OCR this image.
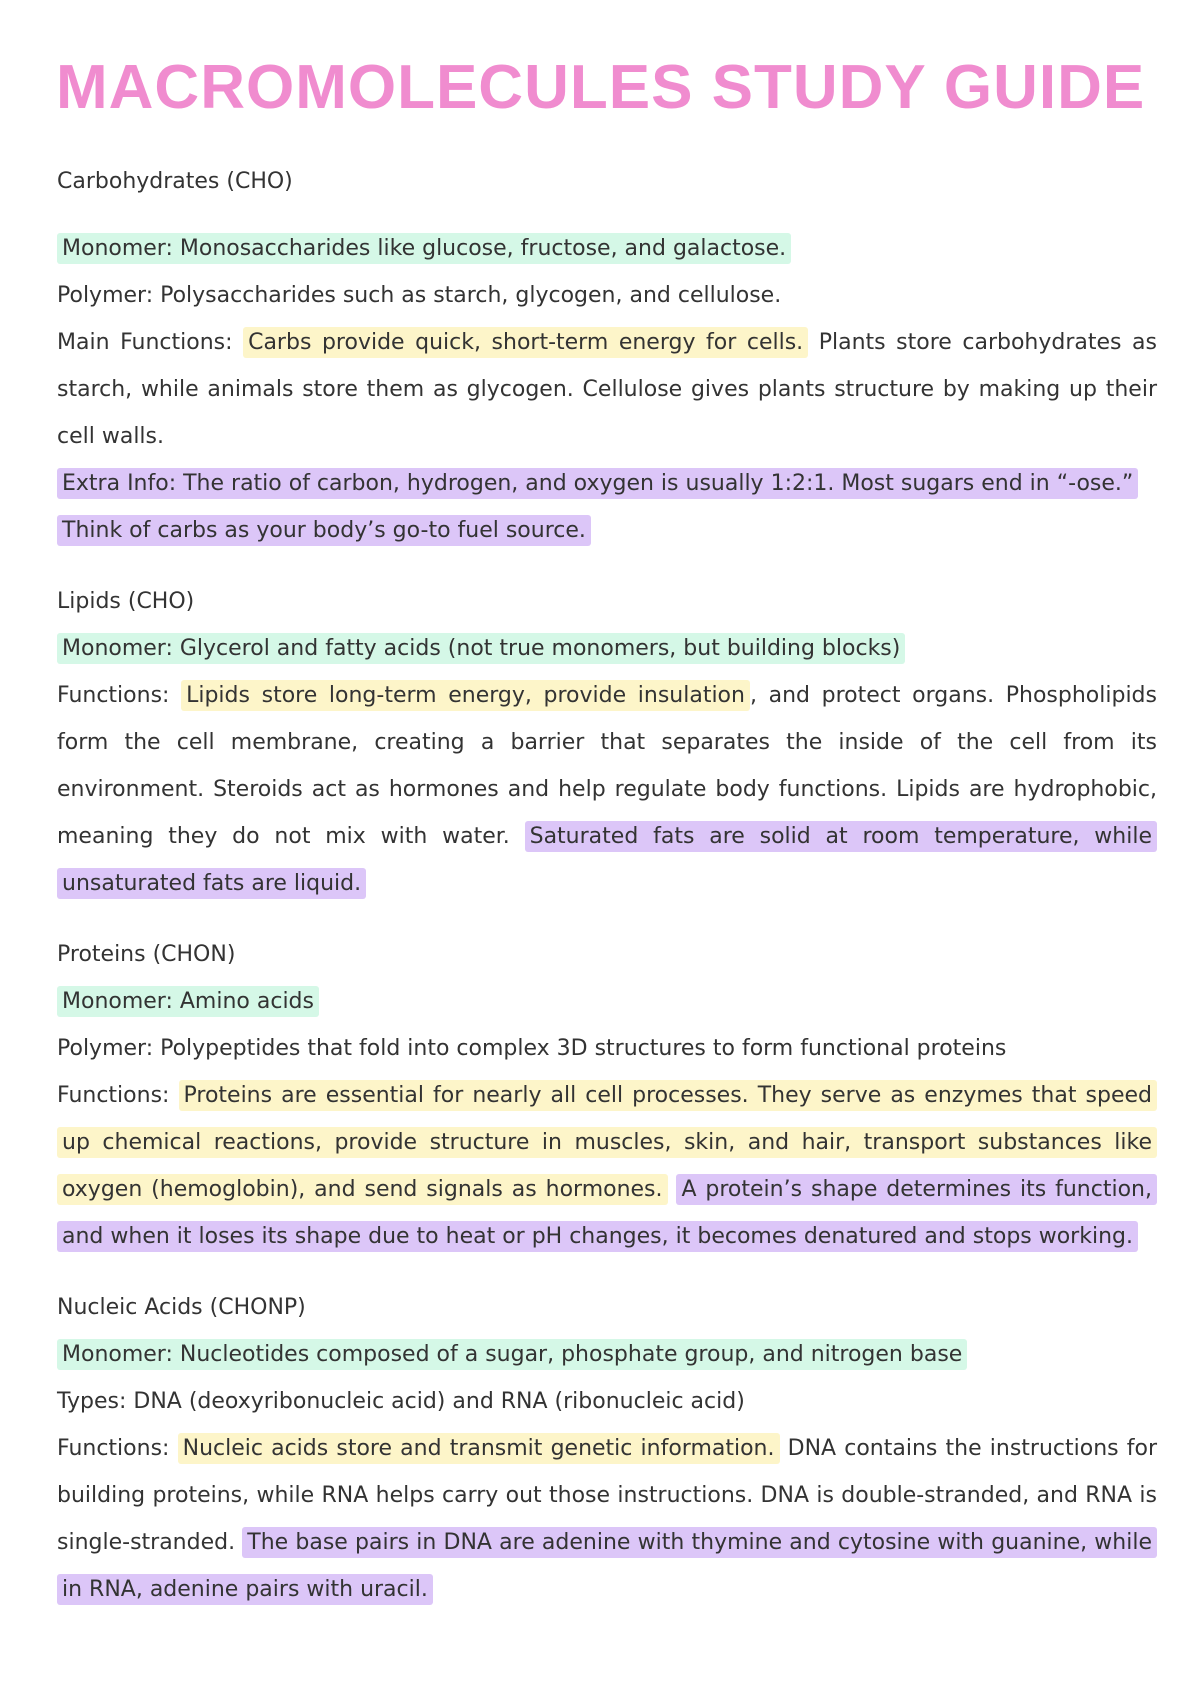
MACROMOLECULES STUDY GUIDE
Carbohydrates (CHO)

Monomer: Monosaccharides like glucose, fructose, and galactose.

Polymer: Polysaccharides such as starch, glycogen, and cellulose.

Main Functions: Carbs provide quick, short-term energy for cells. Plants store carbohydrates as starch, while animals store them as glycogen. Cellulose gives plants structure by making up their cell walls.

Extra Info: The ratio of carbon, hydrogen, and oxygen is usually 1:2:1. Most sugars end in “-ose.” Think of carbs as your body’s go-to fuel source.

Lipids (CHO)

Monomer: Glycerol and fatty acids (not true monomers, but building blocks)

Functions: Lipids store long-term energy, provide insulation , and protect organs. Phospholipids form the cell membrane, creating a barrier that separates the inside of the cell from its environment. Steroids act as hormones and help regulate body functions. Lipids are hydrophobic, meaning they do not mix with water. Saturated fats are solid at room temperature, while unsaturated fats are liquid.

Proteins (CHON)

Monomer: Amino acids

Polymer: Polypeptides that fold into complex 3D structures to form functional proteins

Functions: Proteins are essential for nearly all cell processes. They serve as enzymes that speed up chemical reactions, provide structure in muscles, skin, and hair, transport substances like oxygen (hemoglobin), and send signals as hormones. A protein’s shape determines its function, and when it loses its shape due to heat or pH changes, it becomes denatured and stops working.

Nucleic Acids (CHONP)

Monomer: Nucleotides composed of a sugar, phosphate group, and nitrogen base

Types: DNA (deoxyribonucleic acid) and RNA (ribonucleic acid)

Functions: Nucleic acids store and transmit genetic information. DNA contains the instructions for building proteins, while RNA helps carry out those instructions. DNA is double-stranded, and RNA is single-stranded. The base pairs in DNA are adenine with thymine and cytosine with guanine, while in RNA, adenine pairs with uracil.
